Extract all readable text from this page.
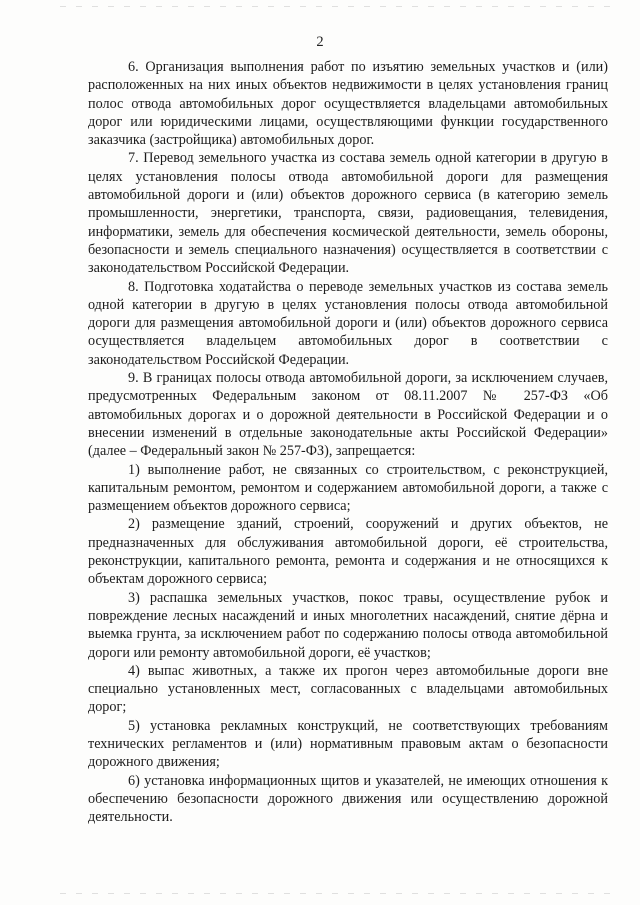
2

6. Организация выполнения работ по изъятию земельных участков и (или) расположенных на них иных объектов недвижимости в целях установления границ полос отвода автомобильных дорог осуществляется владельцами автомобильных дорог или юридическими лицами, осуществляющими функции государственного заказчика (застройщика) автомобильных дорог.

7. Перевод земельного участка из состава земель одной категории в другую в целях установления полосы отвода автомобильной дороги для размещения автомобильной дороги и (или) объектов дорожного сервиса (в категорию земель промышленности, энергетики, транспорта, связи, радиовещания, телевидения, информатики, земель для обеспечения космической деятельности, земель обороны, безопасности и земель специального назначения) осуществляется в соответствии с законодательством Российской Федерации.

8. Подготовка ходатайства о переводе земельных участков из состава земель одной категории в другую в целях установления полосы отвода автомобильной дороги для размещения автомобильной дороги и (или) объектов дорожного сервиса осуществляется владельцем автомобильных дорог в соответствии с законодательством Российской Федерации.

9. В границах полосы отвода автомобильной дороги, за исключением случаев, предусмотренных Федеральным законом от 08.11.2007 № 257-ФЗ «Об автомобильных дорогах и о дорожной деятельности в Российской Федерации и о внесении изменений в отдельные законодательные акты Российской Федерации» (далее – Федеральный закон № 257-ФЗ), запрещается:

1) выполнение работ, не связанных со строительством, с реконструкцией, капитальным ремонтом, ремонтом и содержанием автомобильной дороги, а также с размещением объектов дорожного сервиса;

2) размещение зданий, строений, сооружений и других объектов, не предназначенных для обслуживания автомобильной дороги, её строительства, реконструкции, капитального ремонта, ремонта и содержания и не относящихся к объектам дорожного сервиса;

3) распашка земельных участков, покос травы, осуществление рубок и повреждение лесных насаждений и иных многолетних насаждений, снятие дёрна и выемка грунта, за исключением работ по содержанию полосы отвода автомобильной дороги или ремонту автомобильной дороги, её участков;

4) выпас животных, а также их прогон через автомобильные дороги вне специально установленных мест, согласованных с владельцами автомобильных дорог;

5) установка рекламных конструкций, не соответствующих требованиям технических регламентов и (или) нормативным правовым актам о безопасности дорожного движения;

6) установка информационных щитов и указателей, не имеющих отношения к обеспечению безопасности дорожного движения или осуществлению дорожной деятельности.
